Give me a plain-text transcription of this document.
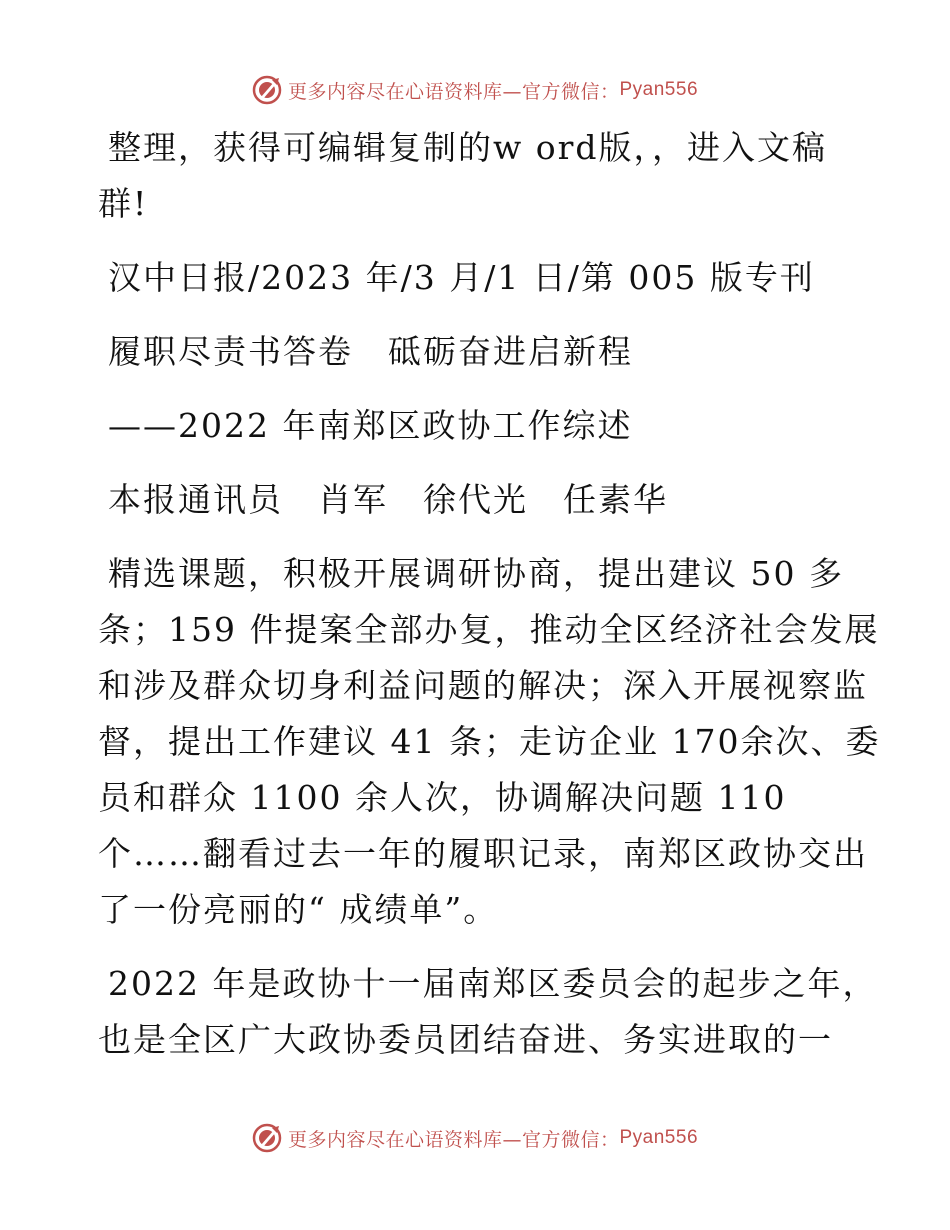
更多内容尽在心语资料库—官方微信： Pyan556
整理，获得可编辑复制的w ord版，，进入文稿
群!
汉中日报/2023 年/3 月/1 日/第 005 版专刊
履职尽责书答卷　砥砺奋进启新程
——2022 年南郑区政协工作综述
本报通讯员　肖军　徐代光　任素华
精选课题，积极开展调研协商，提出建议 50 多
条；159 件提案全部办复，推动全区经济社会发展
和涉及群众切身利益问题的解决；深入开展视察监
督，提出工作建议 41 条；走访企业 170余次、委
员和群众 1100 余人次，协调解决问题 110
个……翻看过去一年的履职记录，南郑区政协交出
了一份亮丽的“ 成绩单”。
2022 年是政协十一届南郑区委员会的起步之年，
也是全区广大政协委员团结奋进、务实进取的一
更多内容尽在心语资料库—官方微信： Pyan556
